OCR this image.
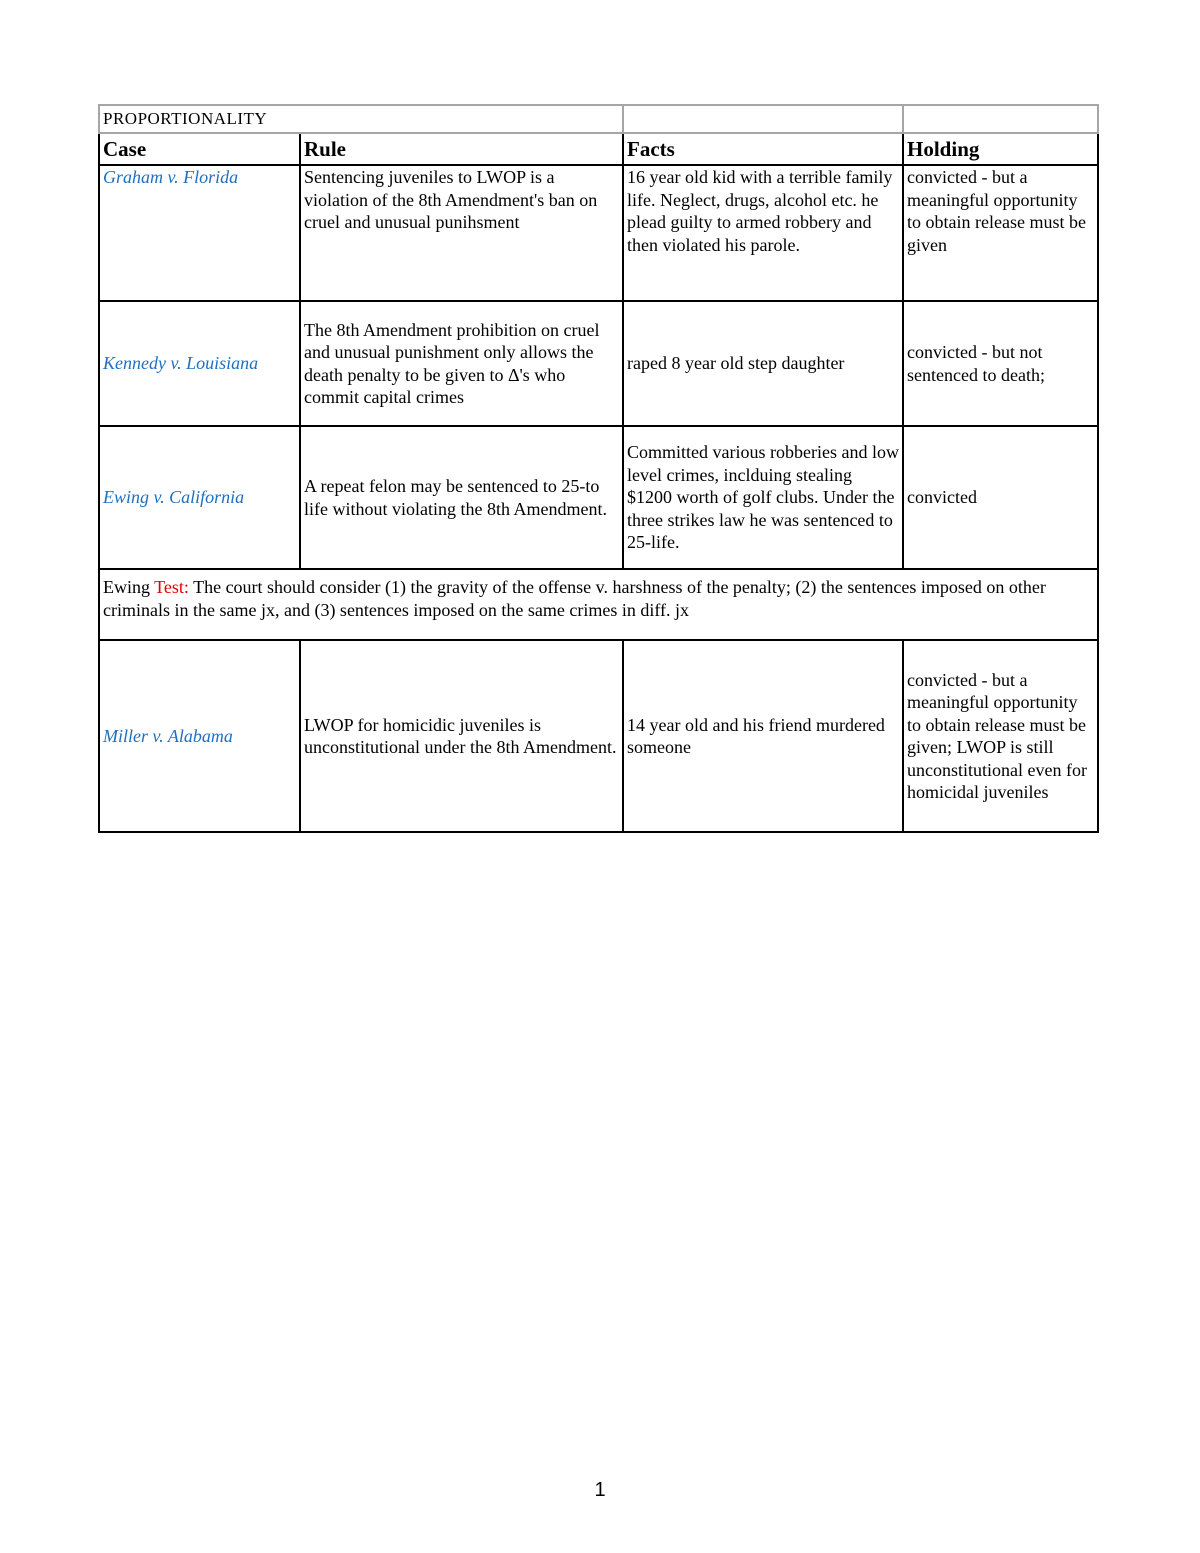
PROPORTIONALITY			
Case	Rule	Facts	Holding
Graham v. Florida	Sentencing juveniles to LWOP is a violation of the 8th Amendment's ban on cruel and unusual punihsment	16 year old kid with a terrible family life. Neglect, drugs, alcohol etc. he plead guilty to armed robbery and then violated his parole.	convicted - but a meaningful opportunity to obtain release must be given
Kennedy v. Louisiana	The 8th Amendment prohibition on cruel and unusual punishment only allows the death penalty to be given to Δ's who commit capital crimes	raped 8 year old step daughter	convicted - but not sentenced to death;
Ewing v. California	A repeat felon may be sentenced to 25-to life without violating the 8th Amendment.	Committed various robberies and low level crimes, inclduing stealing $1200 worth of golf clubs. Under the three strikes law he was sentenced to 25-life.	convicted
Ewing Test: The court should consider (1) the gravity of the offense v. harshness of the penalty; (2) the sentences imposed on other criminals in the same jx, and (3) sentences imposed on the same crimes in diff. jx			
Miller v. Alabama	LWOP for homicidic juveniles is unconstitutional under the 8th Amendment.	14 year old and his friend murdered someone	convicted - but a meaningful opportunity to obtain release must be given; LWOP is still unconstitutional even for homicidal juveniles
1
